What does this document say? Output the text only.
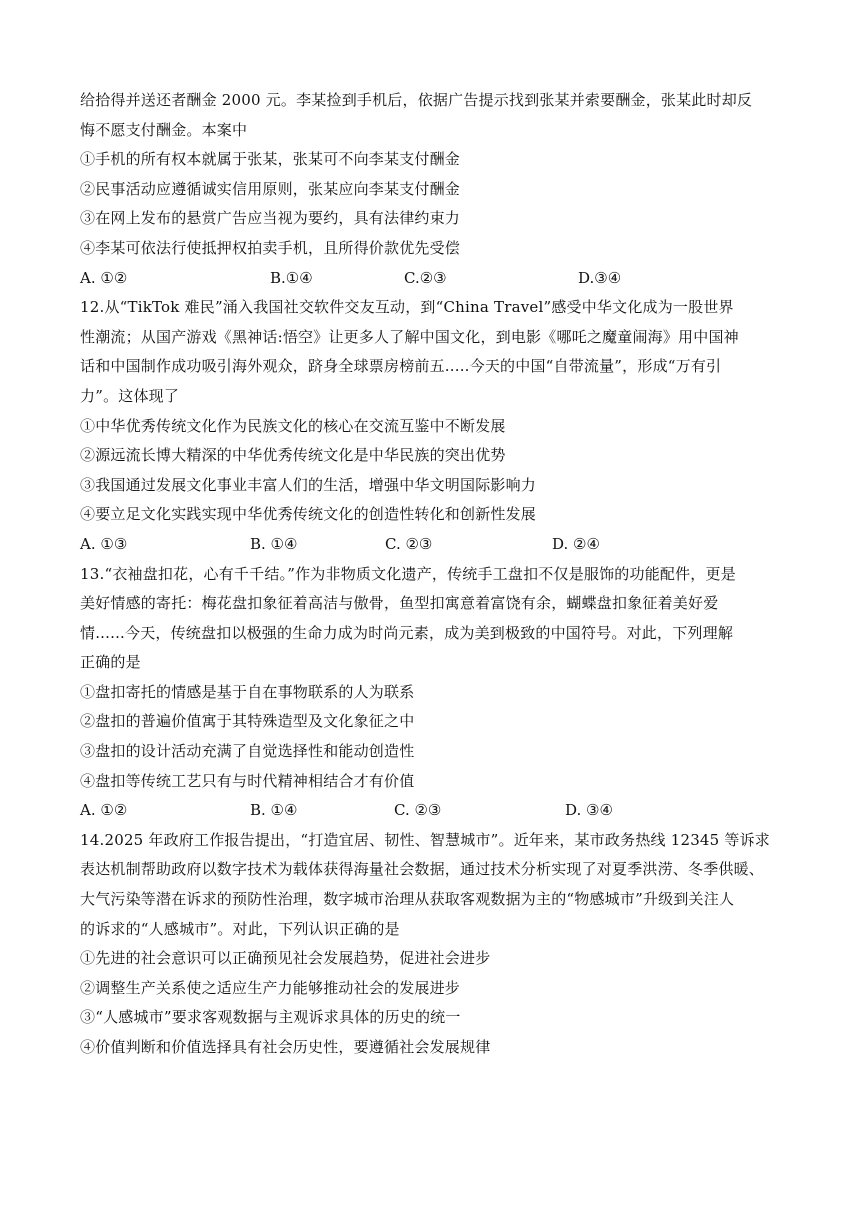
给拾得并送还者酬金 2000 元。李某捡到手机后，依据广告提示找到张某并索要酬金，张某此时却反
悔不愿支付酬金。本案中
①手机的所有权本就属于张某，张某可不向李某支付酬金
②民事活动应遵循诚实信用原则，张某应向李某支付酬金
③在网上发布的悬赏广告应当视为要约，具有法律约束力
④李某可依法行使抵押权拍卖手机，且所得价款优先受偿
A. ①②	B.①④	C.②③	D.③④
12.从“TikTok 难民”涌入我国社交软件交友互动，到“China Travel”感受中华文化成为一股世界
性潮流；从国产游戏《黑神话:悟空》让更多人了解中国文化，到电影《哪吒之魔童闹海》用中国神
话和中国制作成功吸引海外观众，跻身全球票房榜前五.....今天的中国“自带流量”，形成“万有引
力”。这体现了
①中华优秀传统文化作为民族文化的核心在交流互鉴中不断发展
②源远流长博大精深的中华优秀传统文化是中华民族的突出优势
③我国通过发展文化事业丰富人们的生活，增强中华文明国际影响力
④要立足文化实践实现中华优秀传统文化的创造性转化和创新性发展
A. ①③	B. ①④	C. ②③	D. ②④
13.“衣袖盘扣花，心有千千结。”作为非物质文化遗产，传统手工盘扣不仅是服饰的功能配件，更是
美好情感的寄托：梅花盘扣象征着高洁与傲骨，鱼型扣寓意着富饶有余，蝴蝶盘扣象征着美好爱
情......今天，传统盘扣以极强的生命力成为时尚元素，成为美到极致的中国符号。对此，下列理解
正确的是
①盘扣寄托的情感是基于自在事物联系的人为联系
②盘扣的普遍价值寓于其特殊造型及文化象征之中
③盘扣的设计活动充满了自觉选择性和能动创造性
④盘扣等传统工艺只有与时代精神相结合才有价值
A. ①②	B. ①④	C. ②③	D. ③④
14.2025 年政府工作报告提出，“打造宜居、韧性、智慧城市”。近年来，某市政务热线 12345 等诉求
表达机制帮助政府以数字技术为载体获得海量社会数据，通过技术分析实现了对夏季洪涝、冬季供暖、
大气污染等潜在诉求的预防性治理，数字城市治理从获取客观数据为主的“物感城市”升级到关注人
的诉求的“人感城市”。对此，下列认识正确的是
①先进的社会意识可以正确预见社会发展趋势，促进社会进步
②调整生产关系使之适应生产力能够推动社会的发展进步
③“人感城市”要求客观数据与主观诉求具体的历史的统一
④价值判断和价值选择具有社会历史性，要遵循社会发展规律
